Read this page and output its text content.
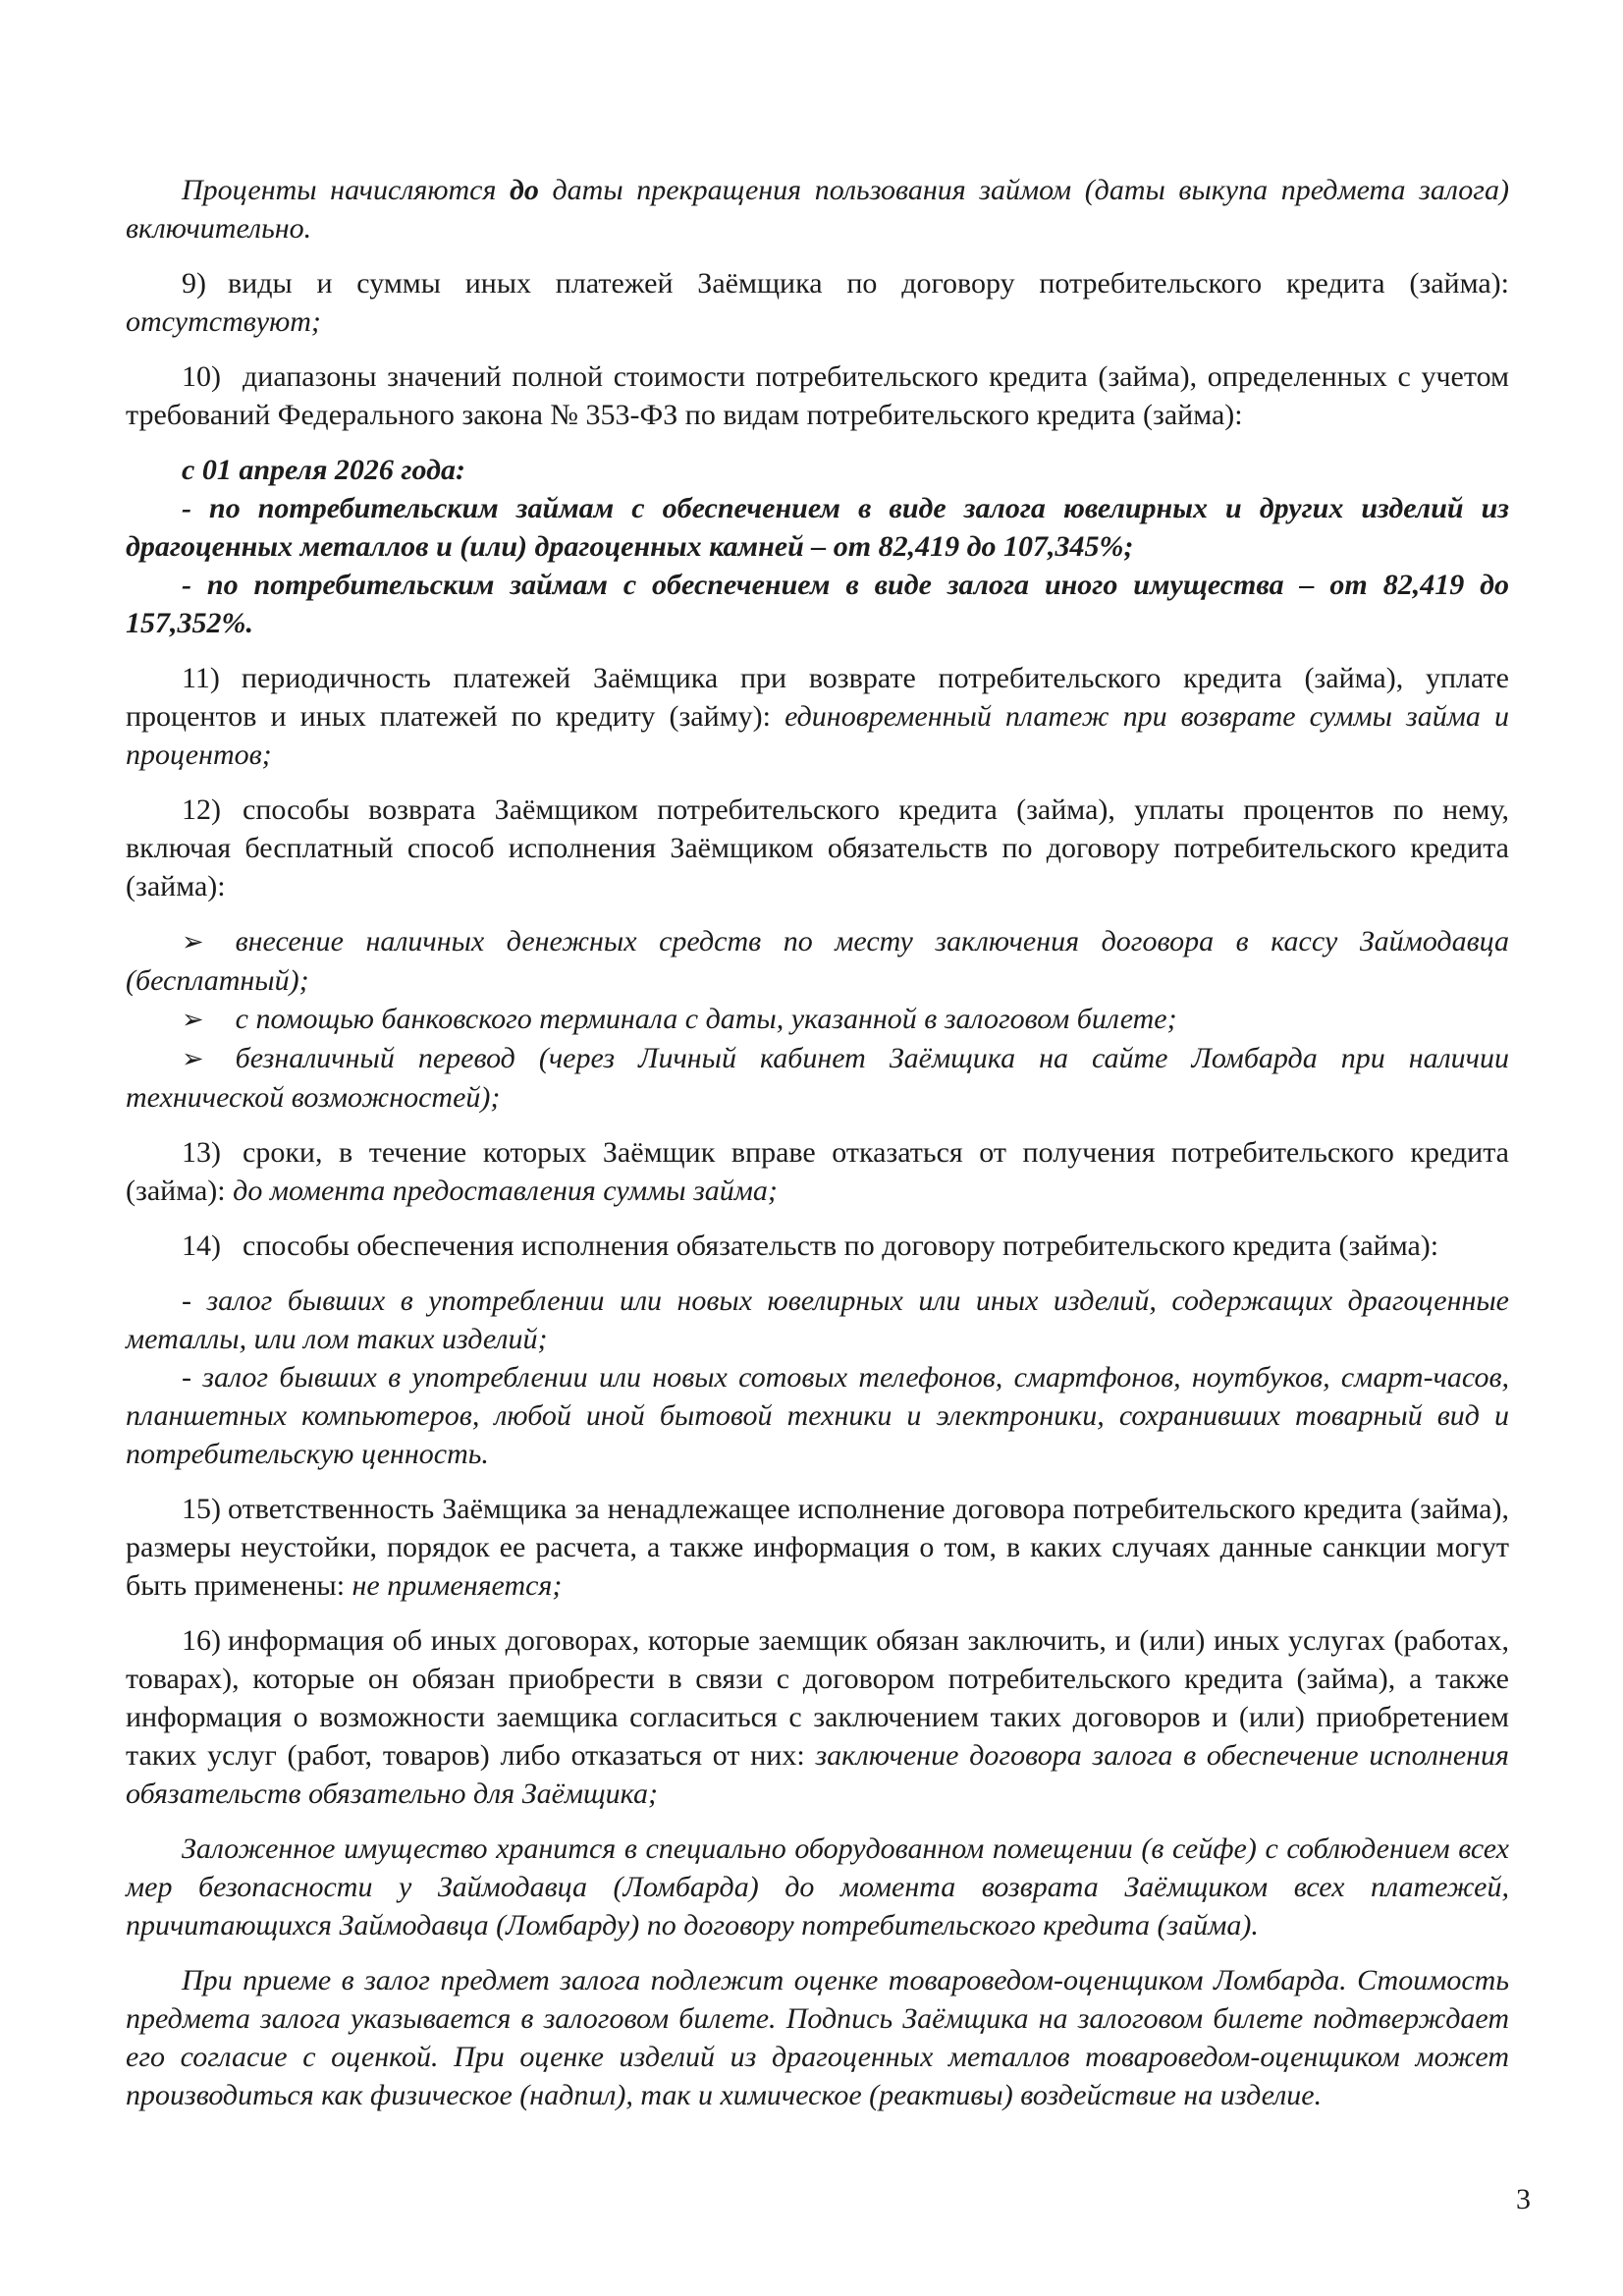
Проценты начисляются до даты прекращения пользования займом (даты выкупа предмета залога) включительно.

9) виды и суммы иных платежей Заёмщика по договору потребительского кредита (займа): отсутствуют;

10) диапазоны значений полной стоимости потребительского кредита (займа), определенных с учетом требований Федерального закона № 353-ФЗ по видам потребительского кредита (займа):

с 01 апреля 2026 года:

- по потребительским займам с обеспечением в виде залога ювелирных и других изделий из драгоценных металлов и (или) драгоценных камней – от 82,419 до 107,345%;

- по потребительским займам с обеспечением в виде залога иного имущества – от 82,419 до 157,352%.

11) периодичность платежей Заёмщика при возврате потребительского кредита (займа), уплате процентов и иных платежей по кредиту (займу): единовременный платеж при возврате суммы займа и процентов;

12) способы возврата Заёмщиком потребительского кредита (займа), уплаты процентов по нему, включая бесплатный способ исполнения Заёмщиком обязательств по договору потребительского кредита (займа):

➢ внесение наличных денежных средств по месту заключения договора в кассу Займодавца (бесплатный);

➢ с помощью банковского терминала с даты, указанной в залоговом билете;

➢ безналичный перевод (через Личный кабинет Заёмщика на сайте Ломбарда при наличии технической возможностей);

13) сроки, в течение которых Заёмщик вправе отказаться от получения потребительского кредита (займа): до момента предоставления суммы займа;

14) способы обеспечения исполнения обязательств по договору потребительского кредита (займа):

- залог бывших в употреблении или новых ювелирных или иных изделий, содержащих драгоценные металлы, или лом таких изделий;

- залог бывших в употреблении или новых сотовых телефонов, смартфонов, ноутбуков, смарт-часов, планшетных компьютеров, любой иной бытовой техники и электроники, сохранивших товарный вид и потребительскую ценность.

15) ответственность Заёмщика за ненадлежащее исполнение договора потребительского кредита (займа), размеры неустойки, порядок ее расчета, а также информация о том, в каких случаях данные санкции могут быть применены: не применяется;

16) информация об иных договорах, которые заемщик обязан заключить, и (или) иных услугах (работах, товарах), которые он обязан приобрести в связи с договором потребительского кредита (займа), а также информация о возможности заемщика согласиться с заключением таких договоров и (или) приобретением таких услуг (работ, товаров) либо отказаться от них: заключение договора залога в обеспечение исполнения обязательств обязательно для Заёмщика;

Заложенное имущество хранится в специально оборудованном помещении (в сейфе) с соблюдением всех мер безопасности у Займодавца (Ломбарда) до момента возврата Заёмщиком всех платежей, причитающихся Займодавца (Ломбарду) по договору потребительского кредита (займа).

При приеме в залог предмет залога подлежит оценке товароведом-оценщиком Ломбарда. Стоимость предмета залога указывается в залоговом билете. Подпись Заёмщика на залоговом билете подтверждает его согласие с оценкой. При оценке изделий из драгоценных металлов товароведом-оценщиком может производиться как физическое (надпил), так и химическое (реактивы) воздействие на изделие.

3
